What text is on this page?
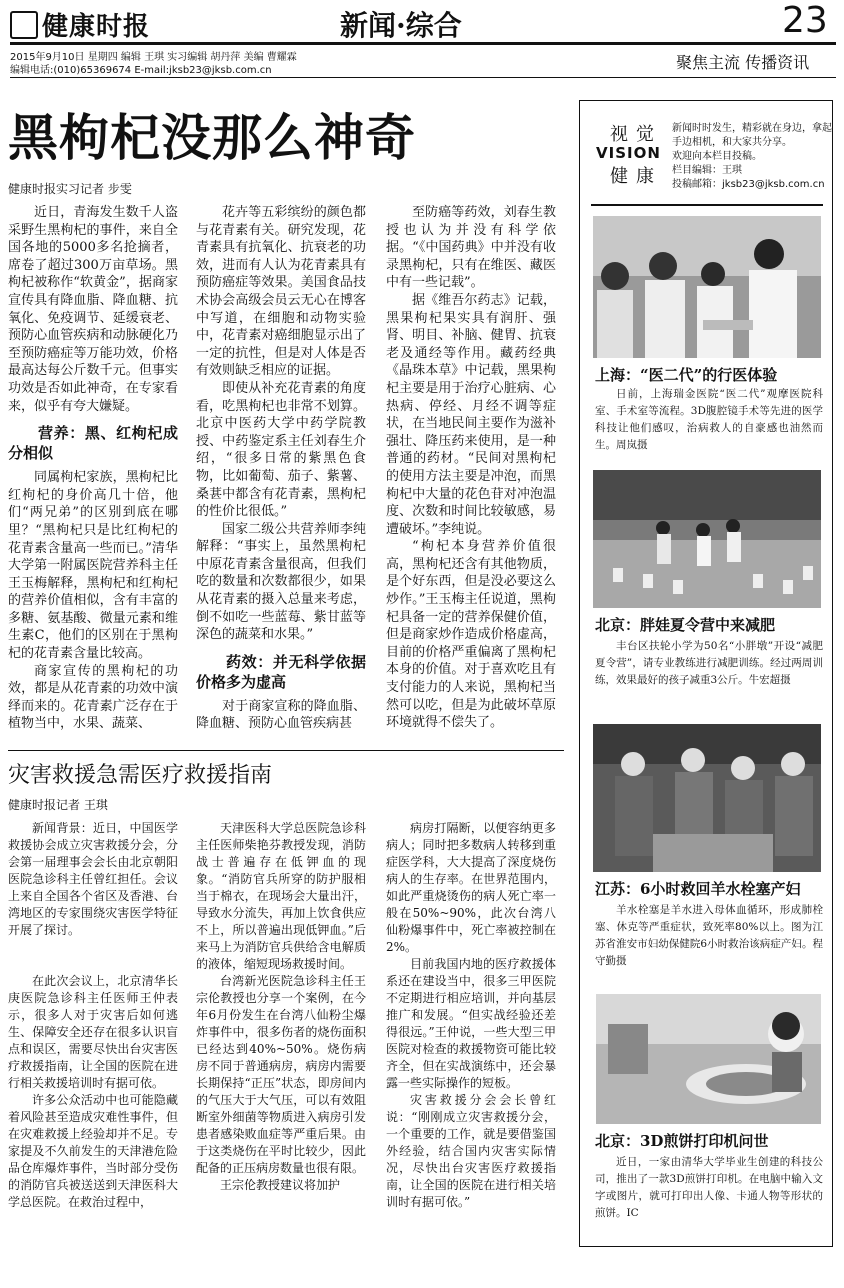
健康时报	新闻·综合	23
2015年9月10日 星期四 编辑 王琪 实习编辑 胡丹萍 美编 曹耀霖
编辑电话:(010)65369674 E-mail:jksb23@jksb.com.cn	聚焦主流 传播资讯
黑枸杞没那么神奇
健康时报实习记者 步雯

近日，青海发生数千人盗采野生黑枸杞的事件，来自全国各地的5000多名抢摘者，席卷了超过300万亩草场。黑枸杞被称作“软黄金”，据商家宣传具有降血脂、降血糖、抗氧化、免疫调节、延缓衰老、预防心血管疾病和动脉硬化乃至预防癌症等万能功效，价格最高达每公斤数千元。但事实功效是否如此神奇，在专家看来，似乎有夸大嫌疑。

营养：黑、红枸杞成分相似

同属枸杞家族，黑枸杞比红枸杞的身价高几十倍，他们“两兄弟”的区别到底在哪里？“黑枸杞只是比红枸杞的花青素含量高一些而已。”清华大学第一附属医院营养科主任王玉梅解释，黑枸杞和红枸杞的营养价值相似，含有丰富的多糖、氨基酸、微量元素和维生素C，他们的区别在于黑枸杞的花青素含量比较高。

商家宣传的黑枸杞的功效，都是从花青素的功效中演绎而来的。花青素广泛存在于植物当中，水果、蔬菜、

花卉等五彩缤纷的颜色都与花青素有关。研究发现，花青素具有抗氧化、抗衰老的功效，进而有人认为花青素具有预防癌症等效果。美国食品技术协会高级会员云无心在博客中写道，在细胞和动物实验中，花青素对癌细胞显示出了一定的抗性，但是对人体是否有效则缺乏相应的证据。

即使从补充花青素的角度看，吃黑枸杞也非常不划算。北京中医药大学中药学院教授、中药鉴定系主任刘春生介绍，“很多日常的紫黑色食物，比如葡萄、茄子、紫薯、桑葚中都含有花青素，黑枸杞的性价比很低。”

国家二级公共营养师李纯解释：“事实上，虽然黑枸杞中原花青素含量很高，但我们吃的数量和次数都很少，如果从花青素的摄入总量来考虑，倒不如吃一些蓝莓、紫甘蓝等深色的蔬菜和水果。”

药效：并无科学依据价格多为虚高

对于商家宣称的降血脂、降血糖、预防心血管疾病甚

至防癌等药效，刘春生教授也认为并没有科学依据。“《中国药典》中并没有收录黑枸杞，只有在维医、藏医中有一些记载”。

据《维吾尔药志》记载，黑果枸杞果实具有润肝、强肾、明目、补脑、健胃、抗衰老及通经等作用。藏药经典《晶珠本草》中记载，黑果枸杞主要是用于治疗心脏病、心热病、停经、月经不调等症状，在当地民间主要作为滋补强壮、降压药来使用，是一种普通的药材。“民间对黑枸杞的使用方法主要是冲泡，而黑枸杞中大量的花色苷对冲泡温度、次数和时间比较敏感，易遭破坏。”李纯说。

“枸杞本身营养价值很高，黑枸杞还含有其他物质，是个好东西，但是没必要这么炒作。”王玉梅主任说道，黑枸杞具备一定的营养保健价值，但是商家炒作造成价格虚高，目前的价格严重偏离了黑枸杞本身的价值。对于喜欢吃且有支付能力的人来说，黑枸杞当然可以吃，但是为此破坏草原环境就得不偿失了。

灾害救援急需医疗救援指南
健康时报记者 王琪

新闻背景：近日，中国医学救援协会成立灾害救援分会，分会第一届理事会会长由北京朝阳医院急诊科主任曾红担任。会议上来自全国各个省区及香港、台湾地区的专家围绕灾害医学特征开展了探讨。

在此次会议上，北京清华长庚医院急诊科主任医师王仲表示，很多人对于灾害后如何逃生、保障安全还存在很多认识盲点和误区，需要尽快出台灾害医疗救援指南，让全国的医院在进行相关救援培训时有据可依。

许多公众活动中也可能隐藏着风险甚至造成灾难性事件，但在灾难救援上经验却并不足。专家提及不久前发生的天津港危险品仓库爆炸事件，当时部分受伤的消防官兵被送送到天津医科大学总医院。在救治过程中，

天津医科大学总医院急诊科主任医师柴艳芬教授发现，消防战士普遍存在低钾血的现象。“消防官兵所穿的防护服相当于棉衣，在现场会大量出汗，导致水分流失，再加上饮食供应不上，所以普遍出现低钾血。”后来马上为消防官兵供给含电解质的液体，缩短现场救援时间。

台湾新光医院急诊科主任王宗伦教授也分享一个案例，在今年6月份发生在台湾八仙粉尘爆炸事件中，很多伤者的烧伤面积已经达到40%~50%。烧伤病房不同于普通病房，病房内需要长期保持“正压”状态，即房间内的气压大于大气压，可以有效阻断室外细菌等物质进入病房引发患者感染败血症等严重后果。由于这类烧伤在平时比较少，因此配备的正压病房数量也很有限。

王宗伦教授建议将加护

病房打隔断，以便容纳更多病人；同时把多数病人转移到重症医学科，大大提高了深度烧伤病人的生存率。在世界范围内，如此严重烧烫伤的病人死亡率一般在50%~90%，此次台湾八仙粉爆事件中，死亡率被控制在2%。

目前我国内地的医疗救援体系还在建设当中，很多三甲医院不定期进行相应培训，并向基层推广和发展。“但实战经验还差得很远。”王仲说，一些大型三甲医院对检查的救援物资可能比较齐全，但在实战演练中，还会暴露一些实际操作的短板。

灾害救援分会会长曾红说：“刚刚成立灾害救援分会，一个重要的工作，就是要借鉴国外经验，结合国内灾害实际情况，尽快出台灾害医疗救援指南，让全国的医院在进行相关培训时有据可依。”

视觉
VISION
健康
新闻时时发生，精彩就在身边，拿起手边相机，和大家共分享。
欢迎向本栏目投稿。
栏目编辑：王琪
投稿邮箱：jksb23@jksb.com.cn
上海：“医二代”的行医体验

日前，上海瑞金医院“医二代”观摩医院科室、手术室等流程。3D腹腔镜手术等先进的医学科技让他们感叹，治病救人的自豪感也油然而生。周岚摄

北京：胖娃夏令营中来减肥

丰台区扶轮小学为50名“小胖墩”开设“减肥夏令营”，请专业教练进行减肥训练。经过两周训练，效果最好的孩子减重3公斤。牛宏超摄

江苏：6小时救回羊水栓塞产妇

羊水栓塞是羊水进入母体血循环，形成肺栓塞、休克等严重症状，致死率80%以上。图为江苏省淮安市妇幼保健院6小时救治该病症产妇。程守勤摄

北京：3D煎饼打印机问世

近日，一家由清华大学毕业生创建的科技公司，推出了一款3D煎饼打印机。在电脑中输入文字或图片，就可打印出人像、卡通人物等形状的煎饼。IC
